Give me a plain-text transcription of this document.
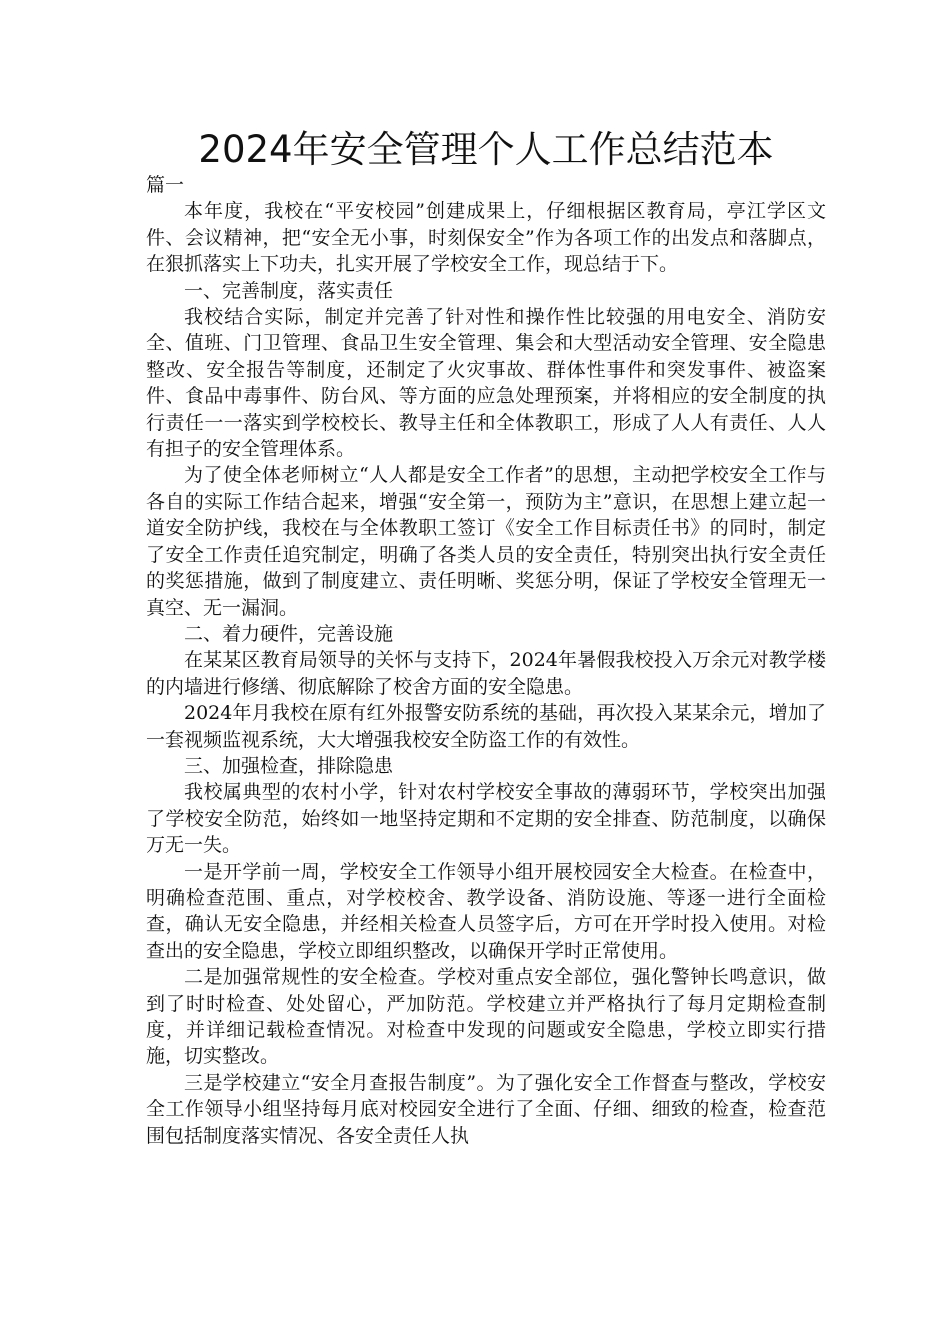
2024年安全管理个人工作总结范本
篇一

本年度，我校在“平安校园”创建成果上，仔细根据区教育局，亭江学区文件、会议精神，把“安全无小事，时刻保安全”作为各项工作的出发点和落脚点，在狠抓落实上下功夫，扎实开展了学校安全工作，现总结于下。

一、完善制度，落实责任

我校结合实际，制定并完善了针对性和操作性比较强的用电安全、消防安全、值班、门卫管理、食品卫生安全管理、集会和大型活动安全管理、安全隐患整改、安全报告等制度，还制定了火灾事故、群体性事件和突发事件、被盗案件、食品中毒事件、防台风、等方面的应急处理预案，并将相应的安全制度的执行责任一一落实到学校校长、教导主任和全体教职工，形成了人人有责任、人人有担子的安全管理体系。

为了使全体老师树立“人人都是安全工作者”的思想，主动把学校安全工作与各自的实际工作结合起来，增强“安全第一，预防为主”意识，在思想上建立起一道安全防护线，我校在与全体教职工签订《安全工作目标责任书》的同时，制定了安全工作责任追究制定，明确了各类人员的安全责任，特别突出执行安全责任的奖惩措施，做到了制度建立、责任明晰、奖惩分明，保证了学校安全管理无一真空、无一漏洞。

二、着力硬件，完善设施

在某某区教育局领导的关怀与支持下，2024年暑假我校投入万余元对教学楼的内墙进行修缮、彻底解除了校舍方面的安全隐患。

2024年月我校在原有红外报警安防系统的基础，再次投入某某余元，增加了一套视频监视系统，大大增强我校安全防盗工作的有效性。

三、加强检查，排除隐患

我校属典型的农村小学，针对农村学校安全事故的薄弱环节，学校突出加强了学校安全防范，始终如一地坚持定期和不定期的安全排查、防范制度，以确保万无一失。

一是开学前一周，学校安全工作领导小组开展校园安全大检查。在检查中，明确检查范围、重点，对学校校舍、教学设备、消防设施、等逐一进行全面检查，确认无安全隐患，并经相关检查人员签字后，方可在开学时投入使用。对检查出的安全隐患，学校立即组织整改，以确保开学时正常使用。

二是加强常规性的安全检查。学校对重点安全部位，强化警钟长鸣意识，做到了时时检查、处处留心，严加防范。学校建立并严格执行了每月定期检查制度，并详细记载检查情况。对检查中发现的问题或安全隐患，学校立即实行措施，切实整改。

三是学校建立“安全月查报告制度”。为了强化安全工作督查与整改，学校安全工作领导小组坚持每月底对校园安全进行了全面、仔细、细致的检查，检查范围包括制度落实情况、各安全责任人执
